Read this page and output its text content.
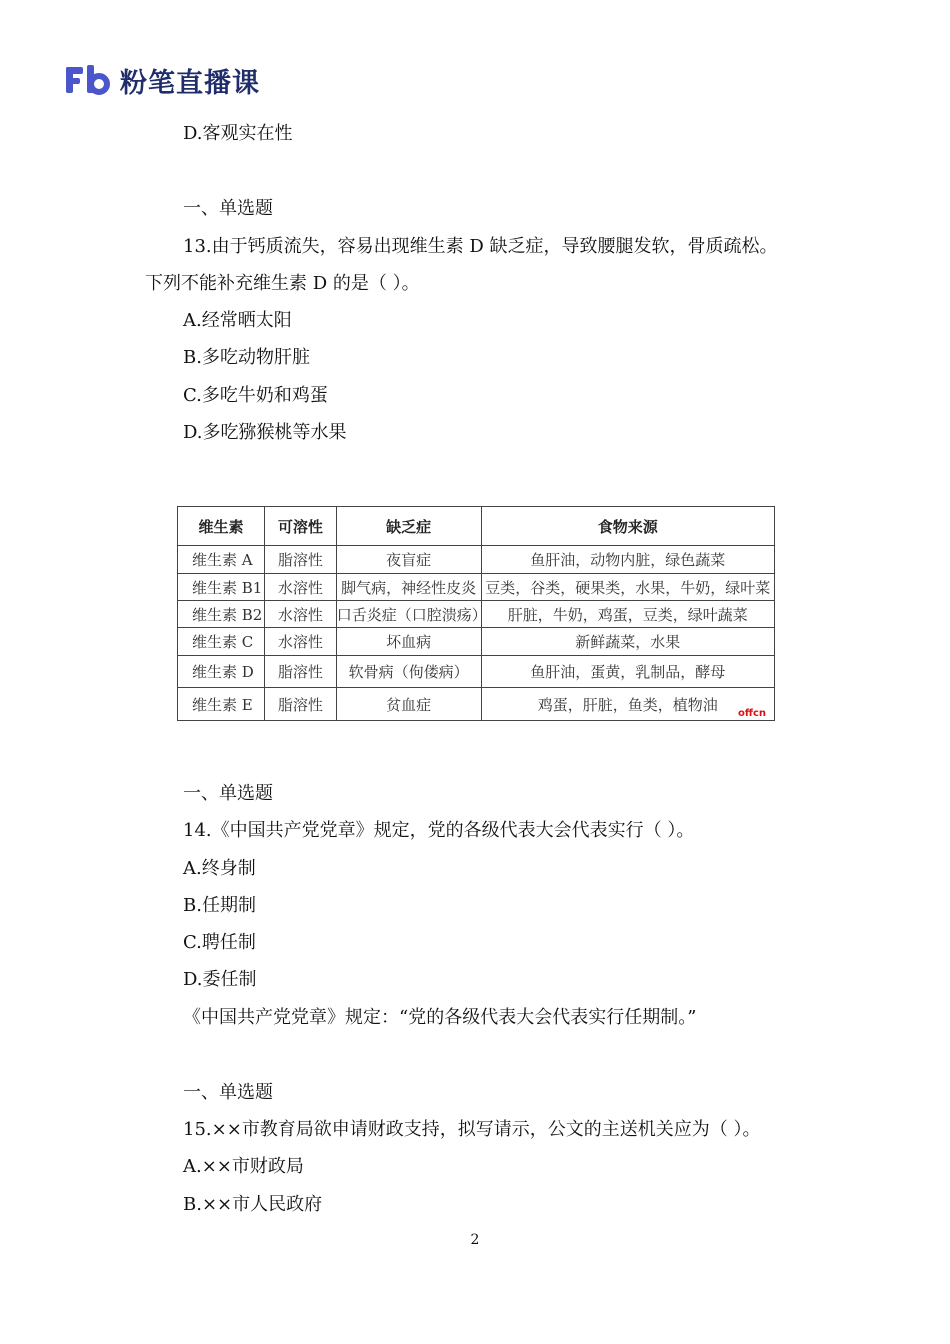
粉笔直播课
D.客观实在性
一、单选题
13.由于钙质流失，容易出现维生素 D 缺乏症，导致腰腿发软，骨质疏松。
下列不能补充维生素 D 的是（ ）。
A.经常晒太阳
B.多吃动物肝脏
C.多吃牛奶和鸡蛋
D.多吃猕猴桃等水果
维生素	可溶性	缺乏症	食物来源
维生素 A	脂溶性	夜盲症	鱼肝油，动物内脏，绿色蔬菜
维生素 B1	水溶性	脚气病，神经性皮炎	豆类，谷类，硬果类，水果，牛奶，绿叶菜
维生素 B2	水溶性	口舌炎症（口腔溃疡）	肝脏，牛奶，鸡蛋，豆类，绿叶蔬菜
维生素 C	水溶性	坏血病	新鲜蔬菜，水果
维生素 D	脂溶性	软骨病（佝偻病）	鱼肝油，蛋黄，乳制品，酵母
维生素 E	脂溶性	贫血症	鸡蛋，肝脏，鱼类，植物油 offcn
一、单选题
14.《中国共产党党章》规定，党的各级代表大会代表实行（ ）。
A.终身制
B.任期制
C.聘任制
D.委任制
《中国共产党党章》规定：“党的各级代表大会代表实行任期制。”
一、单选题
15.××市教育局欲申请财政支持，拟写请示，公文的主送机关应为（ ）。
A.××市财政局
B.××市人民政府
2
